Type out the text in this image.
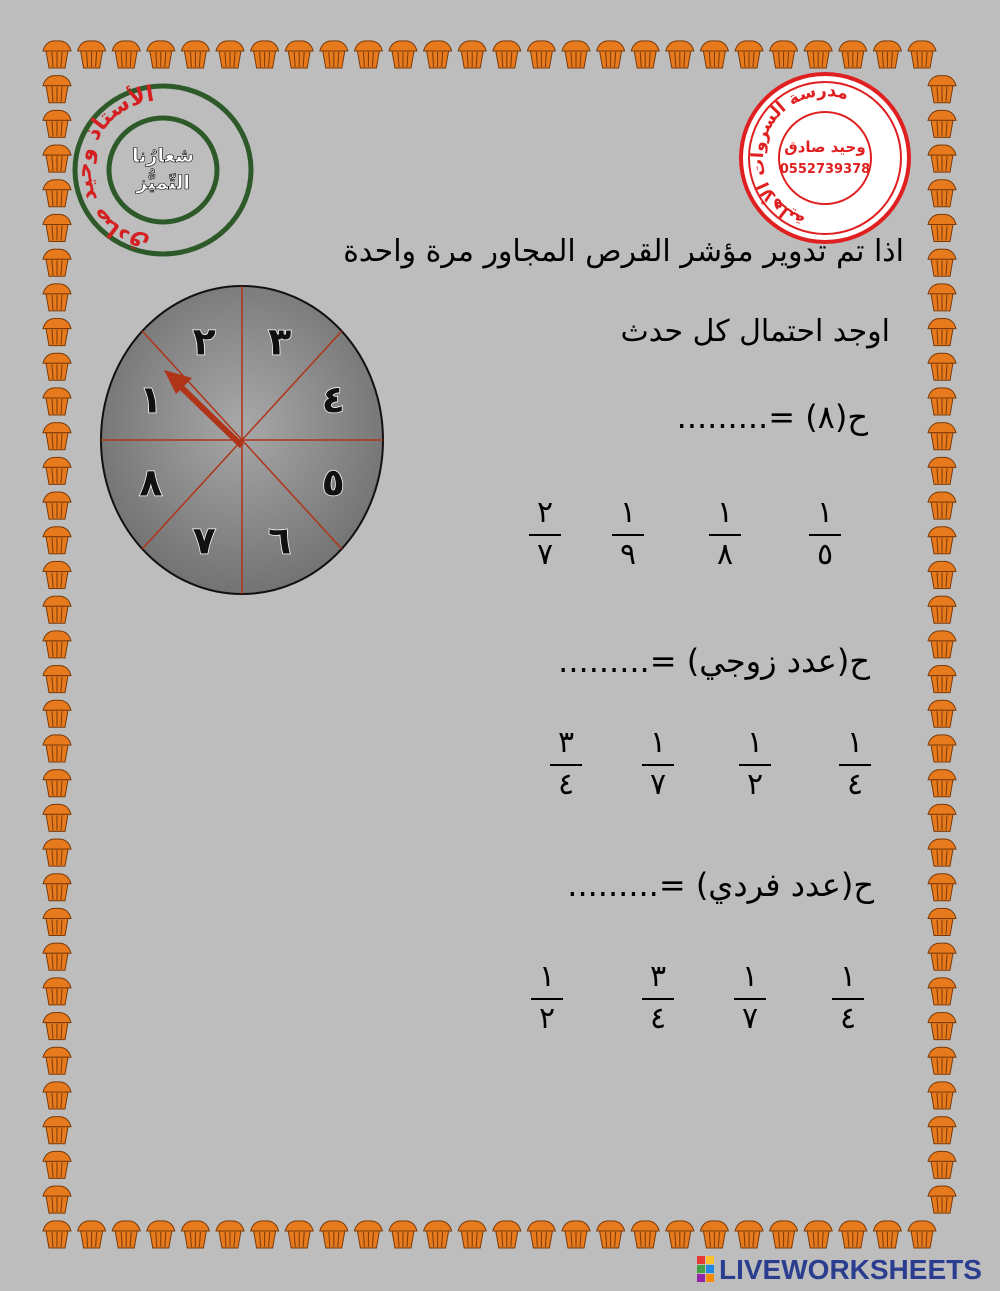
الأستاذ وحيد صادق
شعارُنا
التّميُّز
مدرسة السروات الأهلية
وحيد صادق
0552739378
اذا تم تدوير مؤشر القرص المجاور مرة واحدة
اوجد احتمال كل حدث
٣
٤
٥
٦
٧
٨
١
٢
ح(٨) =.........
١
٥
١
٨
١
٩
٢
٧
ح(عدد زوجي) =.........
١
٤
١
٢
١
٧
٣
٤
ح(عدد فردي) =.........
١
٤
١
٧
٣
٤
١
٢
LIVEWORKSHEETS
